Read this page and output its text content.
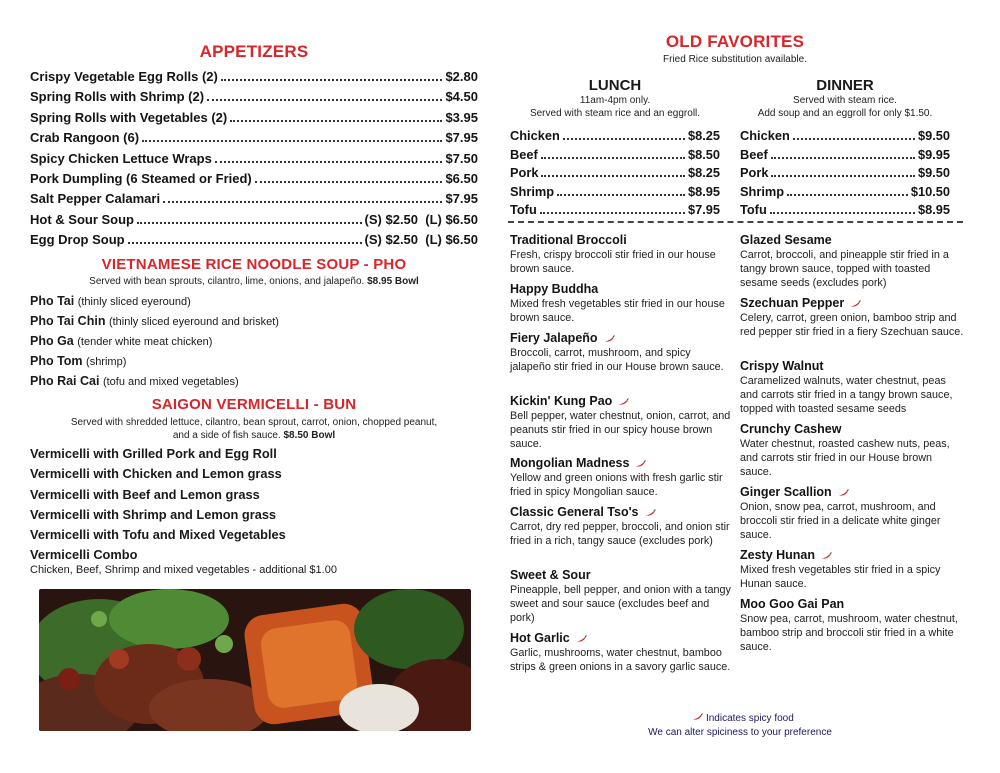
APPETIZERS
Crispy Vegetable Egg Rolls (2)	$2.80
Spring Rolls with Shrimp (2)	$4.50
Spring Rolls with Vegetables (2)	$3.95
Crab Rangoon (6)	$7.95
Spicy Chicken Lettuce Wraps	$7.50
Pork Dumpling (6 Steamed or Fried)	$6.50
Salt Pepper Calamari	$7.95
Hot & Sour Soup	(S) $2.50  (L) $6.50
Egg Drop Soup	(S) $2.50  (L) $6.50
VIETNAMESE RICE NOODLE SOUP - PHO
Served with bean sprouts, cilantro, lime, onions, and jalapeño. $8.95 Bowl
Pho Tai (thinly sliced eyeround)
Pho Tai Chin (thinly sliced eyeround and brisket)
Pho Ga (tender white meat chicken)
Pho Tom (shrimp)
Pho Rai Cai (tofu and mixed vegetables)
SAIGON VERMICELLI - BUN
Served with shredded lettuce, cilantro, bean sprout, carrot, onion, chopped peanut,
and a side of fish sauce. $8.50 Bowl
Vermicelli with Grilled Pork and Egg Roll
Vermicelli with Chicken and Lemon grass
Vermicelli with Beef and Lemon grass
Vermicelli with Shrimp and Lemon grass
Vermicelli with Tofu and Mixed Vegetables
Vermicelli Combo
Chicken, Beef, Shrimp and mixed vegetables - additional $1.00
OLD FAVORITES
Fried Rice substitution available.
LUNCH
11am-4pm only.
Served with steam rice and an eggroll.
Chicken	$8.25
Beef	$8.50
Pork	$8.25
Shrimp	$8.95
Tofu	$7.95
DINNER
Served with steam rice.
Add soup and an eggroll for only $1.50.
Chicken	$9.50
Beef	$9.95
Pork	$9.50
Shrimp	$10.50
Tofu	$8.95
Traditional Broccoli
Fresh, crispy broccoli stir fried in our house brown sauce.
Happy Buddha
Mixed fresh vegetables stir fried in our house brown sauce.
Fiery Jalapeño
Broccoli, carrot, mushroom, and spicy jalapeño stir fried in our House brown sauce.
Kickin' Kung Pao
Bell pepper, water chestnut, onion, carrot, and peanuts stir fried in our spicy house brown sauce.
Mongolian Madness
Yellow and green onions with fresh garlic stir fried in spicy Mongolian sauce.
Classic General Tso's
Carrot, dry red pepper, broccoli, and onion stir fried in a rich, tangy sauce (excludes pork)
Sweet & Sour
Pineapple, bell pepper, and onion with a tangy sweet and sour sauce (excludes beef and pork)
Hot Garlic
Garlic, mushrooms, water chestnut, bamboo strips & green onions in a savory garlic sauce.
Glazed Sesame
Carrot, broccoli, and pineapple stir fried in a tangy brown sauce, topped with toasted sesame seeds (excludes pork)
Szechuan Pepper
Celery, carrot, green onion, bamboo strip and red pepper stir fried in a fiery Szechuan sauce.
Crispy Walnut
Caramelized walnuts, water chestnut, peas and carrots stir fried in a tangy brown sauce, topped with toasted sesame seeds
Crunchy Cashew
Water chestnut, roasted cashew nuts, peas, and carrots stir fried in our House brown sauce.
Ginger Scallion
Onion, snow pea, carrot, mushroom, and broccoli stir fried in a delicate white ginger sauce.
Zesty Hunan
Mixed fresh vegetables stir fried in a spicy Hunan sauce.
Moo Goo Gai Pan
Snow pea, carrot, mushroom, water chestnut, bamboo strip and broccoli stir fried in a white sauce.
Indicates spicy food
We can alter spiciness to your preference
